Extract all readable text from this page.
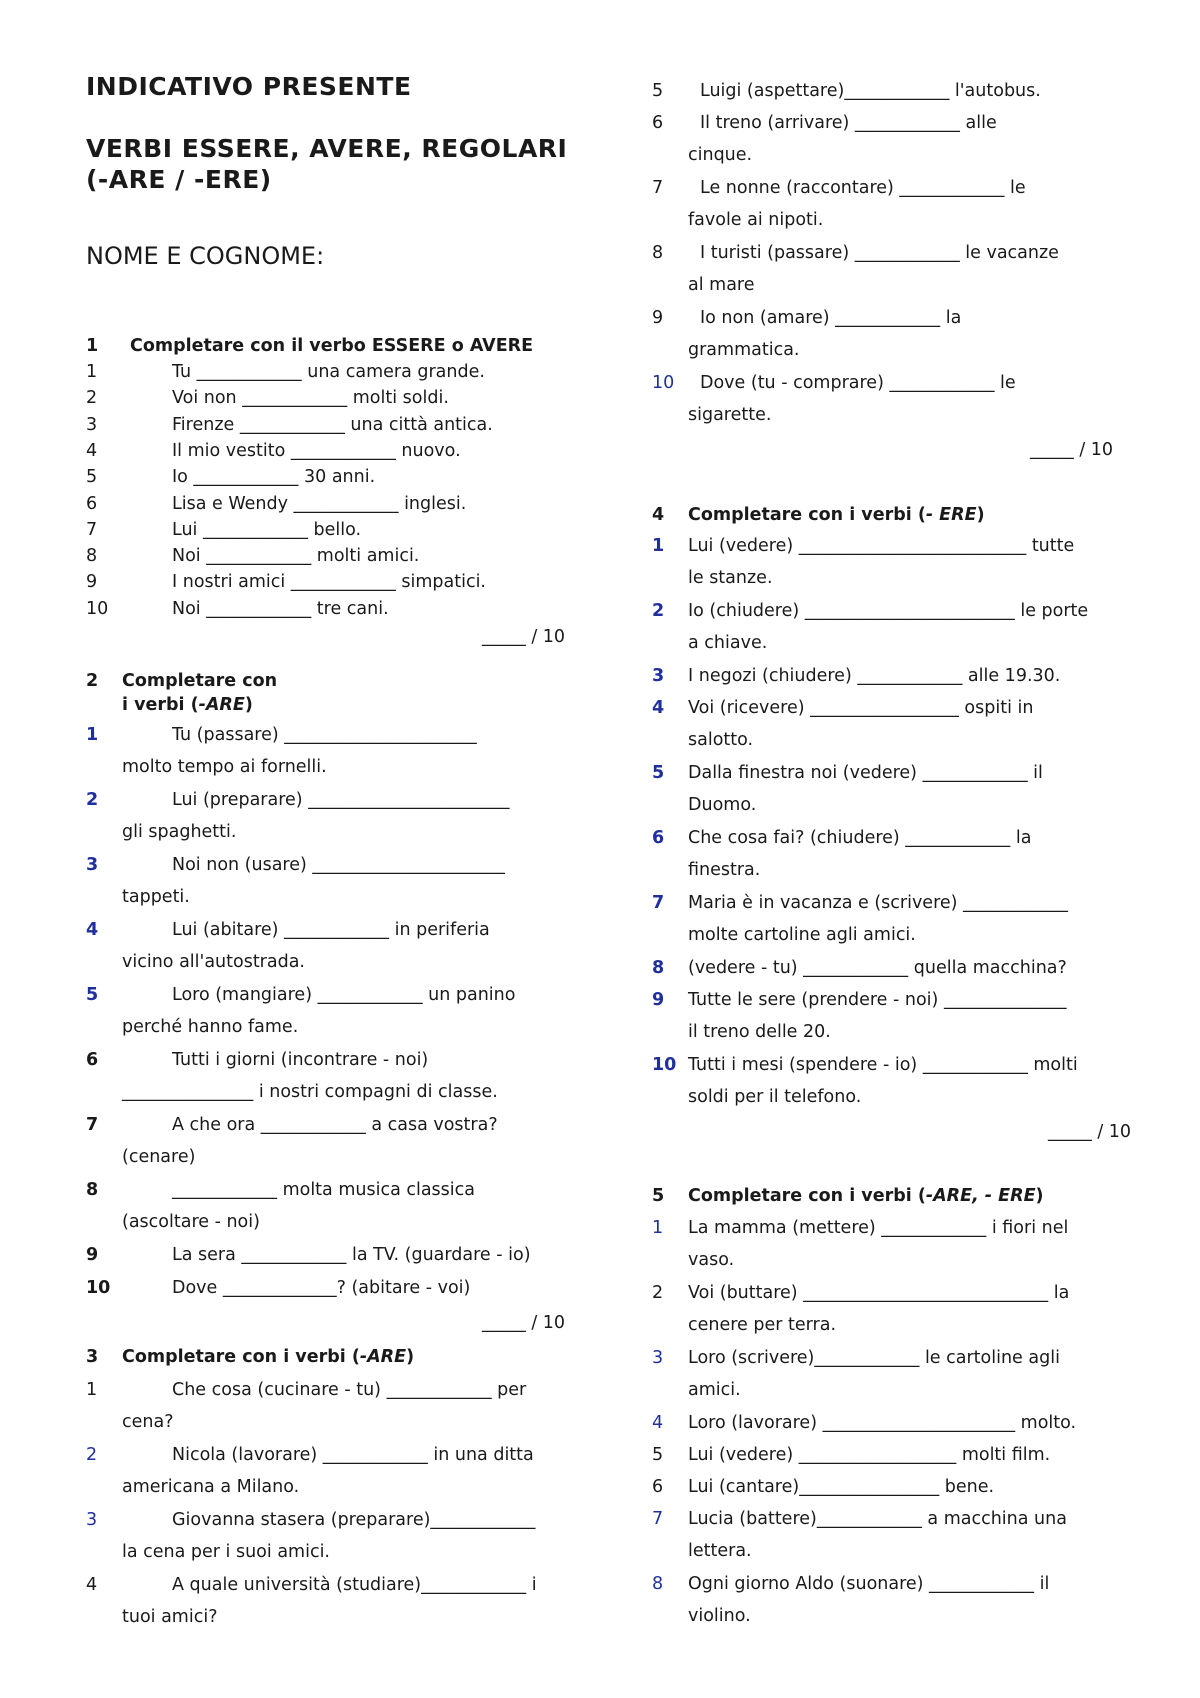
INDICATIVO PRESENTE
VERBI ESSERE, AVERE, REGOLARI
(-ARE / -ERE)
NOME E COGNOME:
1 Completare con il verbo ESSERE o AVERE
1	Tu ____________ una camera grande.
2	Voi non ____________ molti soldi.
3	Firenze ____________ una città antica.
4	Il mio vestito ____________ nuovo.
5	Io ____________ 30 anni.
6	Lisa e Wendy ____________ inglesi.
7	Lui ____________ bello.
8	Noi ____________ molti amici.
9	I nostri amici ____________ simpatici.
10	Noi ____________ tre cani.
_____ / 10
2 Completare con
i verbi (-ARE)
1	Tu (passare) ______________________
molto tempo ai fornelli.
2	Lui (preparare) _______________________
gli spaghetti.
3	Noi non (usare) ______________________
tappeti.
4	Lui (abitare) ____________ in periferia
vicino all'autostrada.
5	Loro (mangiare) ____________ un panino
perché hanno fame.
6	Tutti i giorni (incontrare - noi)
_______________ i nostri compagni di classe.
7	A che ora ____________ a casa vostra?
(cenare)
8	____________ molta musica classica
(ascoltare - noi)
9	La sera ____________ la TV. (guardare - io)
10	Dove _____________? (abitare - voi)
_____ / 10
3 Completare con i verbi (-ARE)
1	Che cosa (cucinare - tu) ____________ per
cena?
2	Nicola (lavorare) ____________ in una ditta
americana a Milano.
3	Giovanna stasera (preparare)____________
la cena per i suoi amici.
4	A quale università (studiare)____________ i
tuoi amici?
5 Luigi (aspettare)____________ l'autobus.
6 Il treno (arrivare) ____________ alle
cinque.
7 Le nonne (raccontare) ____________ le
favole ai nipoti.
8 I turisti (passare) ____________ le vacanze
al mare
9 Io non (amare) ____________ la
grammatica.
10 Dove (tu - comprare) ____________ le
sigarette.
_____ / 10
4 Completare con i verbi (- ERE)
1 Lui (vedere) __________________________ tutte
le stanze.
2 Io (chiudere) ________________________ le porte
a chiave.
3 I negozi (chiudere) ____________ alle 19.30.
4 Voi (ricevere) _________________ ospiti in
salotto.
5 Dalla finestra noi (vedere) ____________ il
Duomo.
6 Che cosa fai? (chiudere) ____________ la
finestra.
7 Maria è in vacanza e (scrivere) ____________
molte cartoline agli amici.
8 (vedere - tu) ____________ quella macchina?
9 Tutte le sere (prendere - noi) ______________
il treno delle 20.
10 Tutti i mesi (spendere - io) ____________ molti
soldi per il telefono.
_____ / 10
5 Completare con i verbi (-ARE, - ERE)
1 La mamma (mettere) ____________ i fiori nel
vaso.
2 Voi (buttare) ____________________________ la
cenere per terra.
3 Loro (scrivere)____________ le cartoline agli
amici.
4 Loro (lavorare) ______________________ molto.
5 Lui (vedere) __________________ molti film.
6 Lui (cantare)________________ bene.
7 Lucia (battere)____________ a macchina una
lettera.
8 Ogni giorno Aldo (suonare) ____________ il
violino.
